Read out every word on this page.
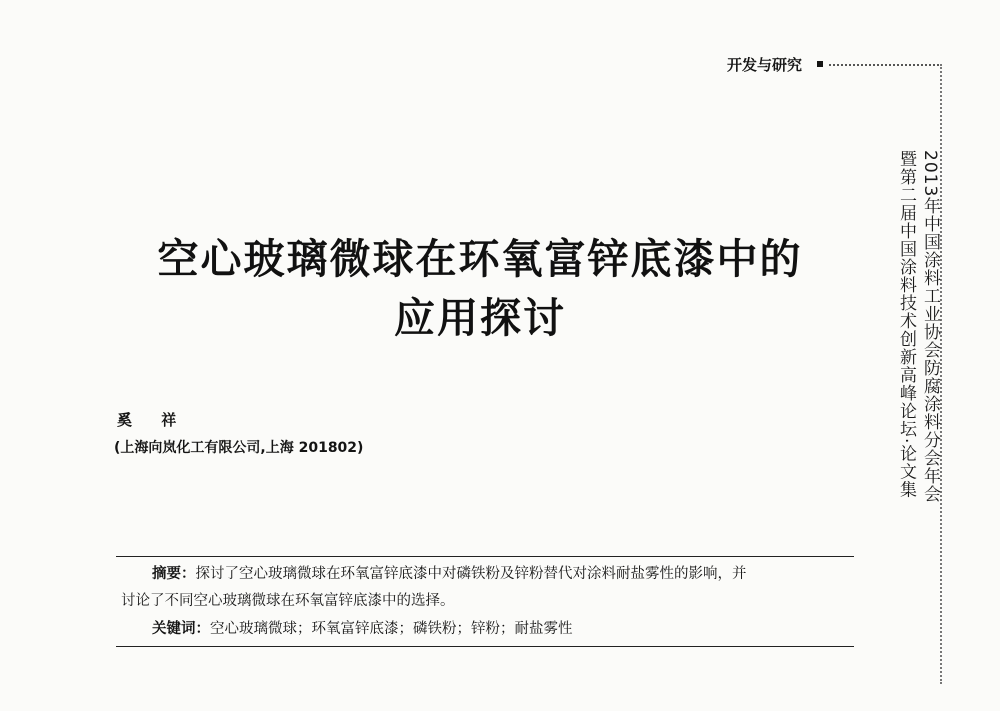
开发与研究
2013年中国涂料工业协会防腐涂料分会年会
暨第二届中国涂料技术创新高峰论坛·论文集
空心玻璃微球在环氧富锌底漆中的
应用探讨
奚 祥
(上海向岚化工有限公司,上海 201802)
摘要：探讨了空心玻璃微球在环氧富锌底漆中对磷铁粉及锌粉替代对涂料耐盐雾性的影响，并
讨论了不同空心玻璃微球在环氧富锌底漆中的选择。
关键词：空心玻璃微球；环氧富锌底漆；磷铁粉；锌粉；耐盐雾性
